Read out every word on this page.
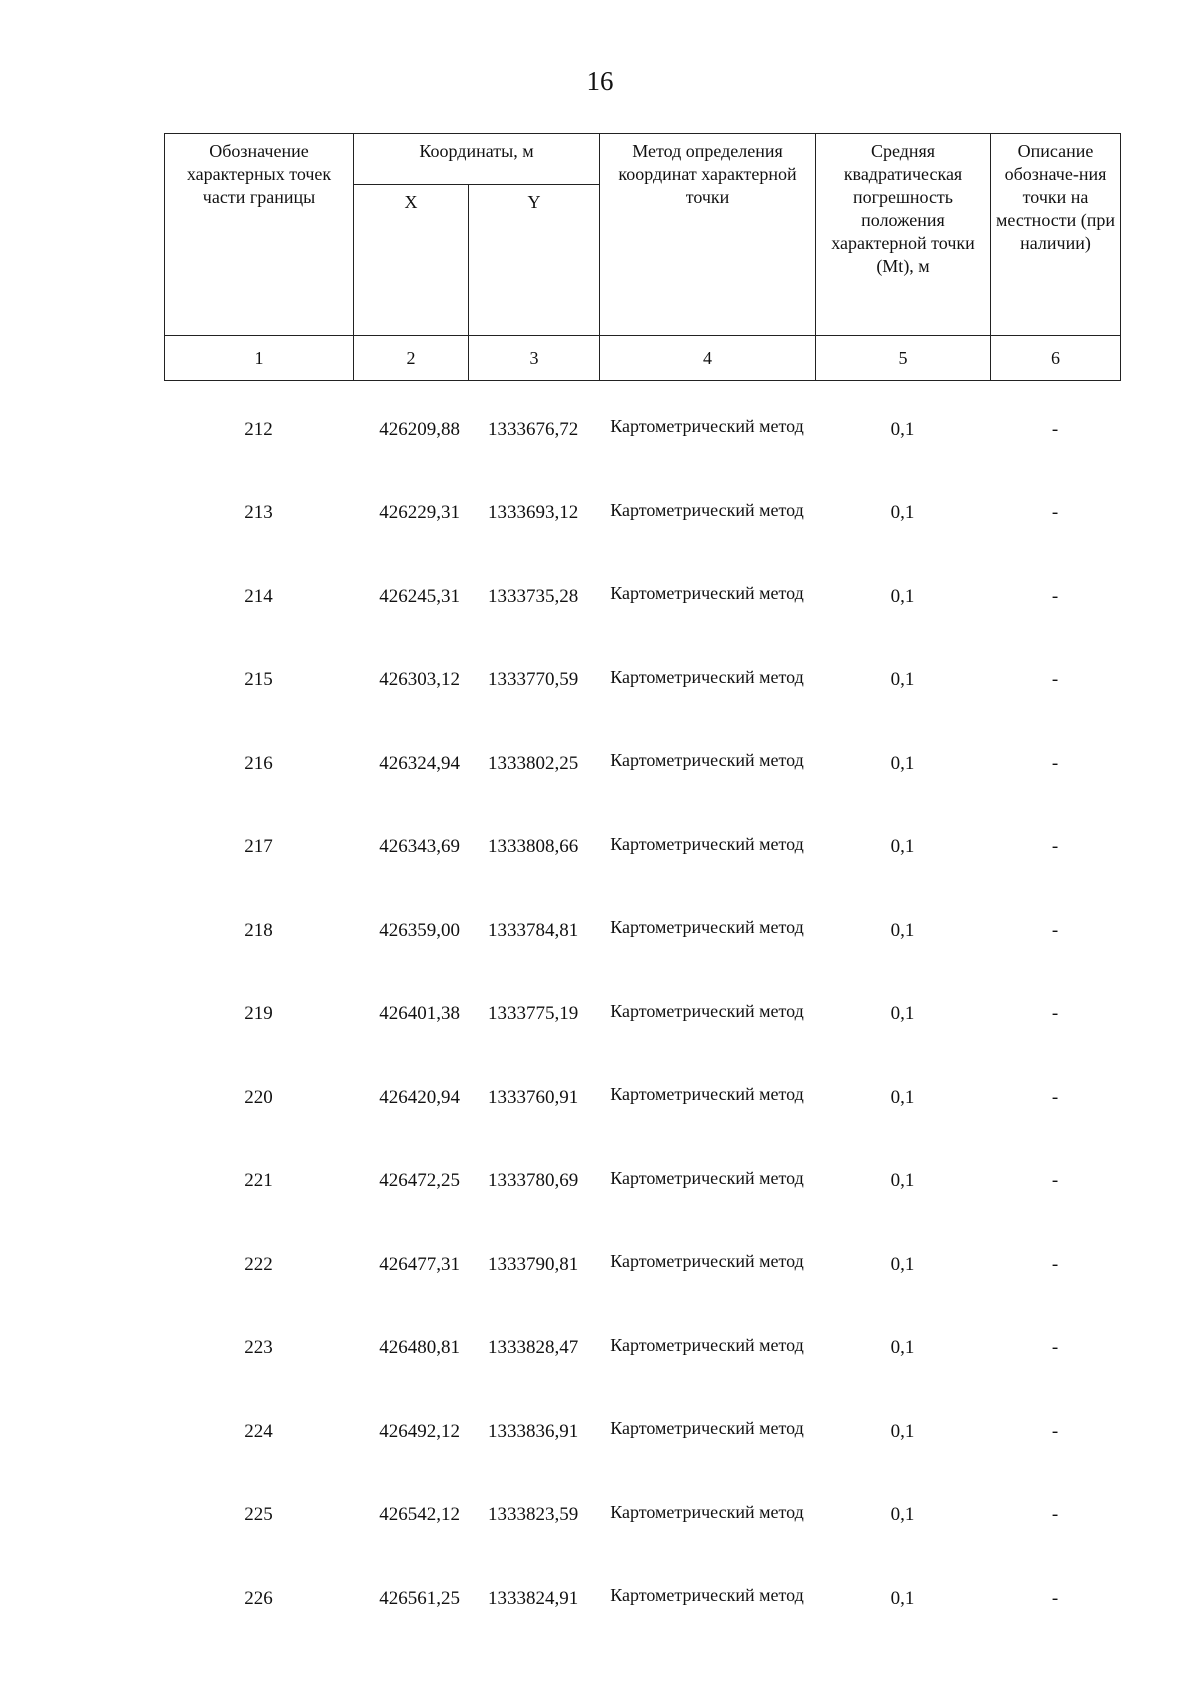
16
Обозначение характерных точек части границы	Координаты, м		Метод определения координат характерной точки	Средняя квадратическая погрешность положения характерной точки (Mt), м	Описание обозначе-ния точки на местности (при наличии)
	X	Y			
1	2	3	4	5	6
212	426209,88	1333676,72	Картометрический метод	0,1	-
213	426229,31	1333693,12	Картометрический метод	0,1	-
214	426245,31	1333735,28	Картометрический метод	0,1	-
215	426303,12	1333770,59	Картометрический метод	0,1	-
216	426324,94	1333802,25	Картометрический метод	0,1	-
217	426343,69	1333808,66	Картометрический метод	0,1	-
218	426359,00	1333784,81	Картометрический метод	0,1	-
219	426401,38	1333775,19	Картометрический метод	0,1	-
220	426420,94	1333760,91	Картометрический метод	0,1	-
221	426472,25	1333780,69	Картометрический метод	0,1	-
222	426477,31	1333790,81	Картометрический метод	0,1	-
223	426480,81	1333828,47	Картометрический метод	0,1	-
224	426492,12	1333836,91	Картометрический метод	0,1	-
225	426542,12	1333823,59	Картометрический метод	0,1	-
226	426561,25	1333824,91	Картометрический метод	0,1	-
